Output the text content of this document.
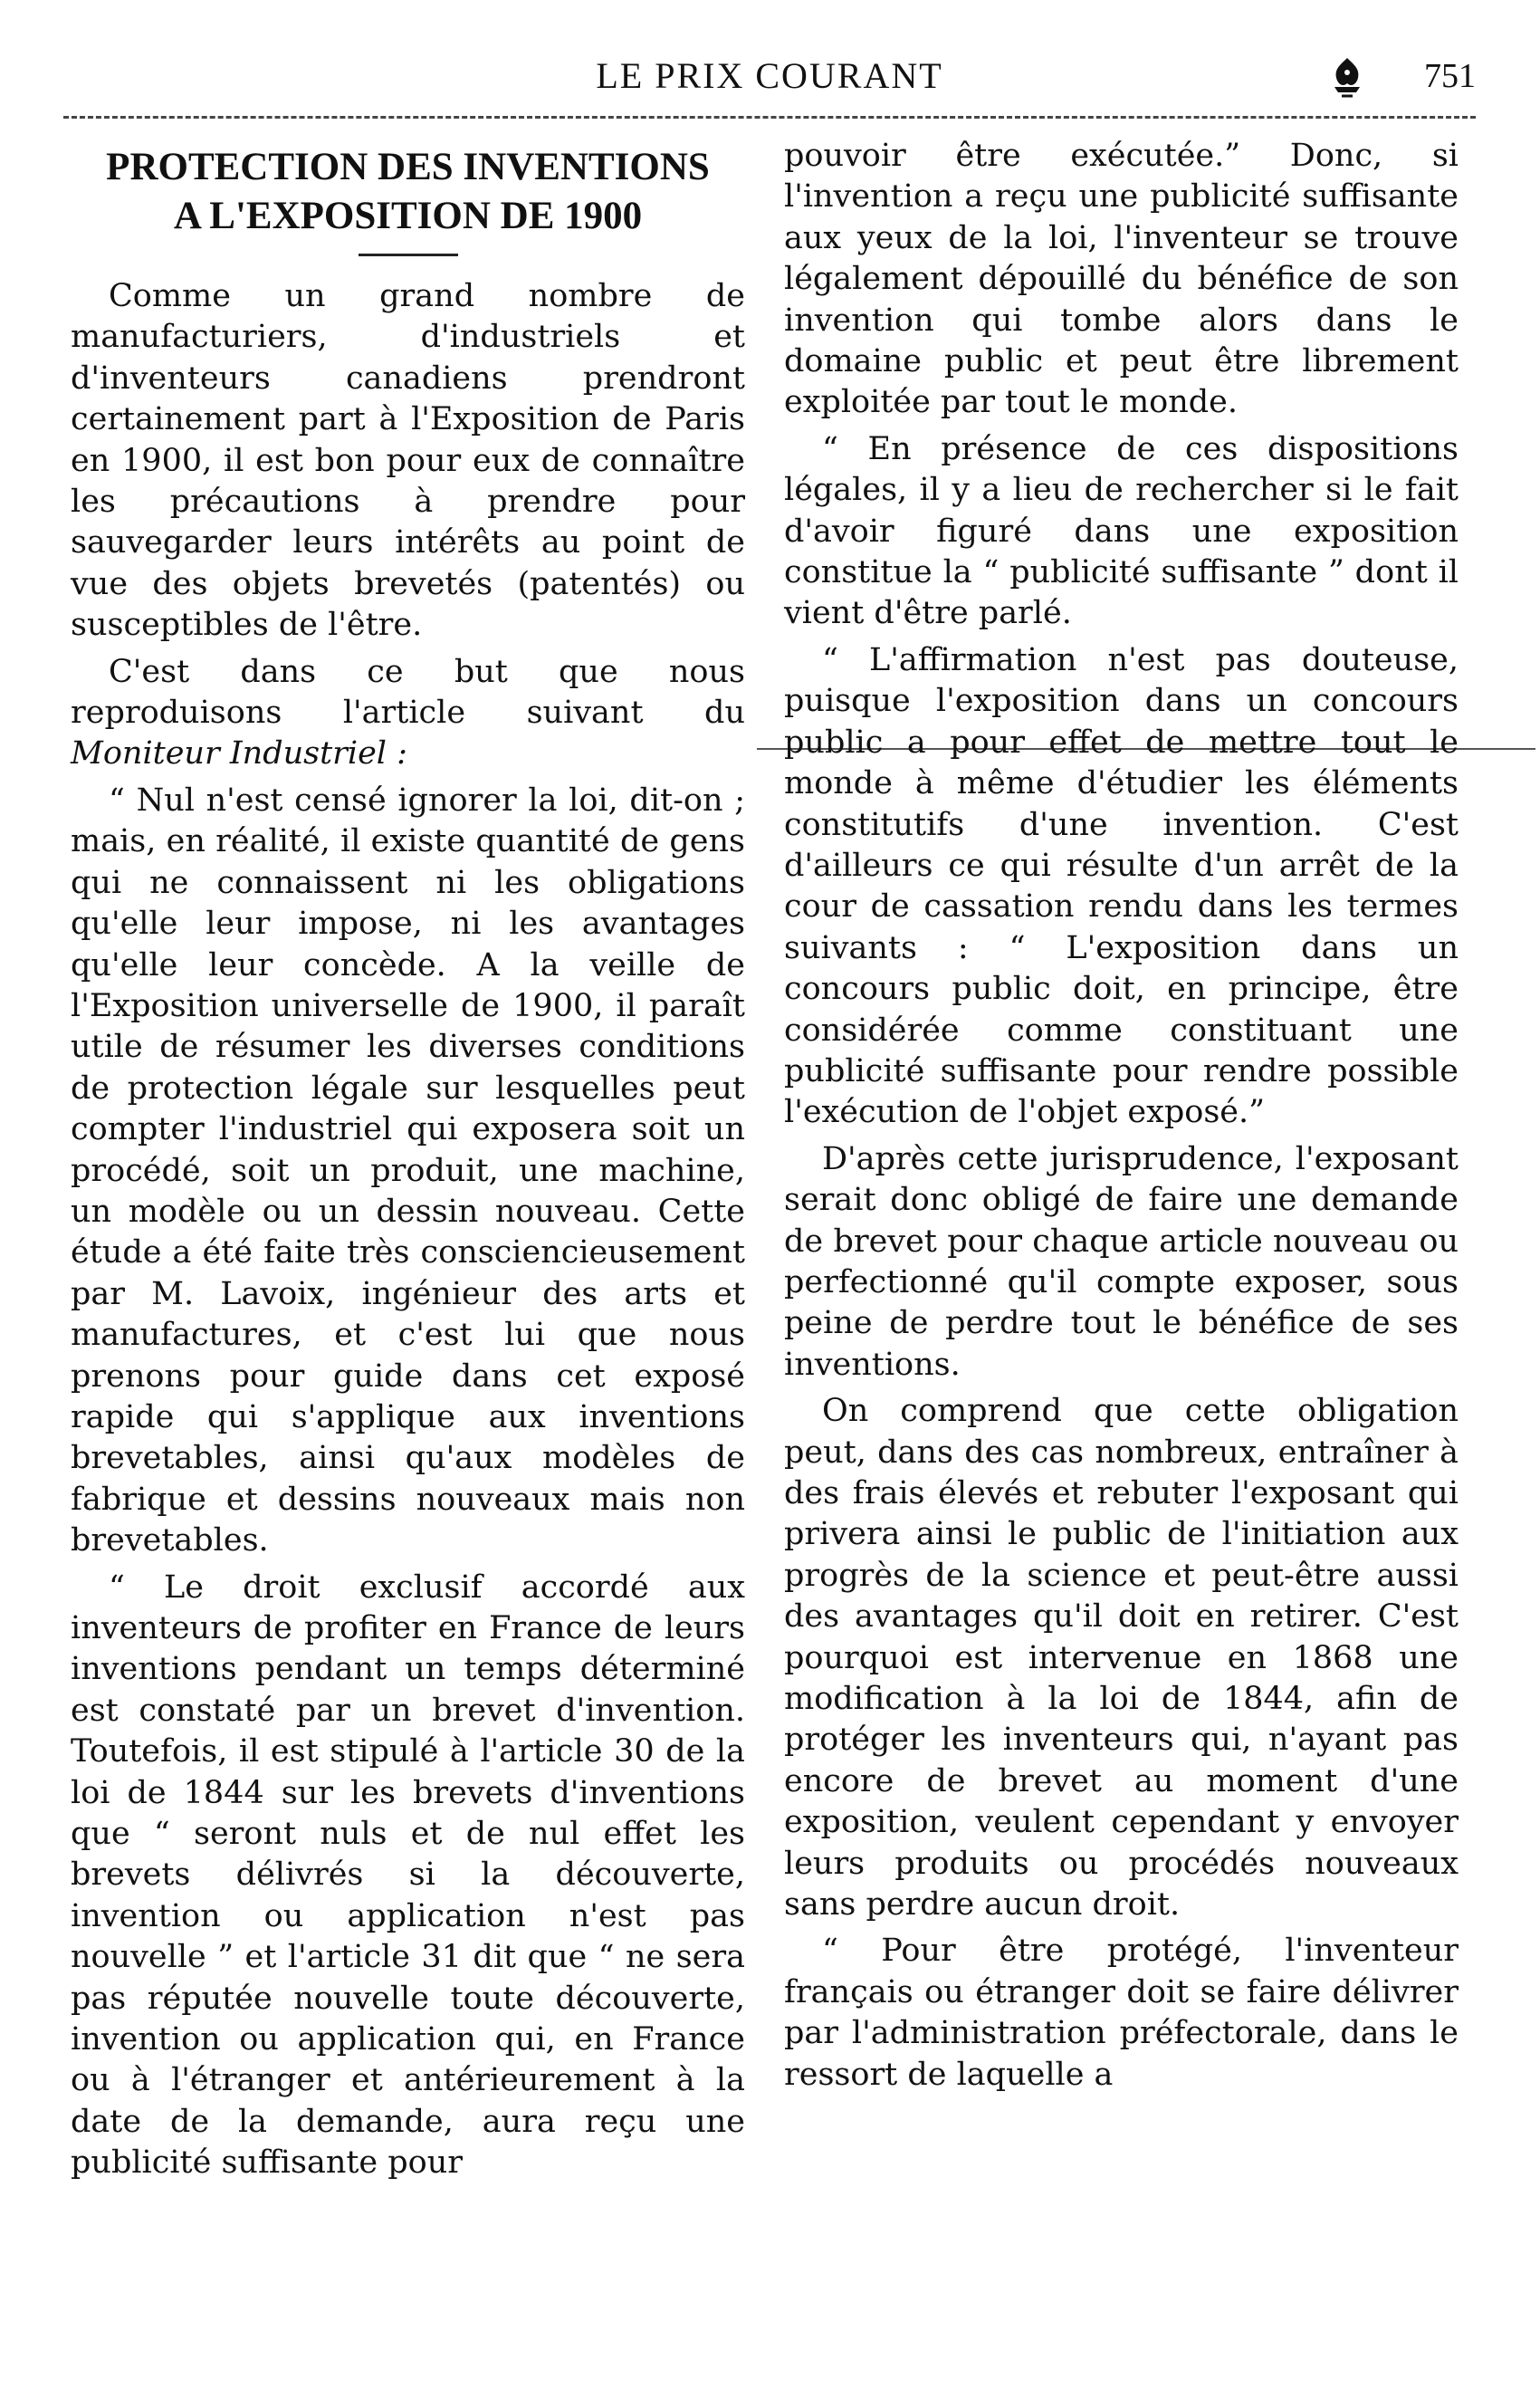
LE PRIX COURANT	751
PROTECTION DES INVENTIONS
A L'EXPOSITION DE 1900

Comme un grand nombre de manufacturiers, d'industriels et d'inventeurs canadiens prendront certainement part à l'Exposition de Paris en 1900, il est bon pour eux de connaître les précautions à prendre pour sauvegarder leurs intérêts au point de vue des objets brevetés (patentés) ou susceptibles de l'être.

C'est dans ce but que nous reproduisons l'article suivant du Moniteur Industriel :

“ Nul n'est censé ignorer la loi, dit-on ; mais, en réalité, il existe quantité de gens qui ne connaissent ni les obligations qu'elle leur impose, ni les avantages qu'elle leur concède. A la veille de l'Exposition universelle de 1900, il paraît utile de résumer les diverses conditions de protection légale sur lesquelles peut compter l'industriel qui exposera soit un procédé, soit un produit, une machine, un modèle ou un dessin nouveau. Cette étude a été faite très consciencieusement par M. Lavoix, ingénieur des arts et manufactures, et c'est lui que nous prenons pour guide dans cet exposé rapide qui s'applique aux inventions brevetables, ainsi qu'aux modèles de fabrique et dessins nouveaux mais non brevetables.

“ Le droit exclusif accordé aux inventeurs de profiter en France de leurs inventions pendant un temps déterminé est constaté par un brevet d'invention. Toutefois, il est stipulé à l'article 30 de la loi de 1844 sur les brevets d'inventions que “ seront nuls et de nul effet les brevets délivrés si la découverte, invention ou application n'est pas nouvelle ” et l'article 31 dit que “ ne sera pas réputée nouvelle toute découverte, invention ou application qui, en France ou à l'étranger et antérieurement à la date de la demande, aura reçu une publicité suffisante pour

pouvoir être exécutée.” Donc, si l'invention a reçu une publicité suffisante aux yeux de la loi, l'inventeur se trouve légalement dépouillé du bénéfice de son invention qui tombe alors dans le domaine public et peut être librement exploitée par tout le monde.

“ En présence de ces dispositions légales, il y a lieu de rechercher si le fait d'avoir figuré dans une exposition constitue la “ publicité suffisante ” dont il vient d'être parlé.

“ L'affirmation n'est pas douteuse, puisque l'exposition dans un concours public a pour effet de mettre tout le monde à même d'étudier les éléments constitutifs d'une invention. C'est d'ailleurs ce qui résulte d'un arrêt de la cour de cassation rendu dans les termes suivants : “ L'exposition dans un concours public doit, en principe, être considérée comme constituant une publicité suffisante pour rendre possible l'exécution de l'objet exposé.”

D'après cette jurisprudence, l'exposant serait donc obligé de faire une demande de brevet pour chaque article nouveau ou perfectionné qu'il compte exposer, sous peine de perdre tout le bénéfice de ses inventions.

On comprend que cette obligation peut, dans des cas nombreux, entraîner à des frais élevés et rebuter l'exposant qui privera ainsi le public de l'initiation aux progrès de la science et peut-être aussi des avantages qu'il doit en retirer. C'est pourquoi est intervenue en 1868 une modification à la loi de 1844, afin de protéger les inventeurs qui, n'ayant pas encore de brevet au moment d'une exposition, veulent cependant y envoyer leurs produits ou procédés nouveaux sans perdre aucun droit.

“ Pour être protégé, l'inventeur français ou étranger doit se faire délivrer par l'administration préfectorale, dans le ressort de laquelle a
